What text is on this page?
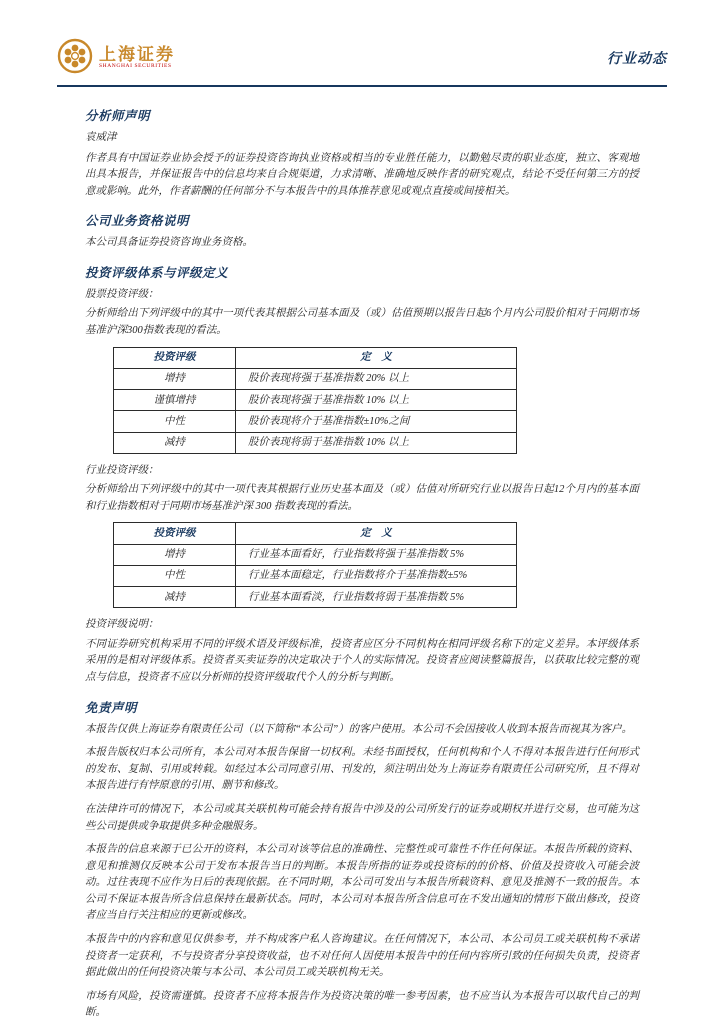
上海证券
SHANGHAI SECURITIES	行业动态
分析师声明

袁威津

作者具有中国证券业协会授予的证券投资咨询执业资格或相当的专业胜任能力，以勤勉尽责的职业态度，独立、客观地出具本报告，并保证报告中的信息均来自合规渠道，力求清晰、准确地反映作者的研究观点，结论不受任何第三方的授意或影响。此外，作者薪酬的任何部分不与本报告中的具体推荐意见或观点直接或间接相关。

公司业务资格说明

本公司具备证券投资咨询业务资格。

投资评级体系与评级定义

股票投资评级：

分析师给出下列评级中的其中一项代表其根据公司基本面及（或）估值预期以报告日起6个月内公司股价相对于同期市场基准沪深300指数表现的看法。

投资评级	定　义
增持	股价表现将强于基准指数 20% 以上
谨慎增持	股价表现将强于基准指数 10% 以上
中性	股价表现将介于基准指数±10%之间
减持	股价表现将弱于基准指数 10% 以上

行业投资评级：

分析师给出下列评级中的其中一项代表其根据行业历史基本面及（或）估值对所研究行业以报告日起12个月内的基本面和行业指数相对于同期市场基准沪深 300 指数表现的看法。

投资评级	定　义
增持	行业基本面看好，行业指数将强于基准指数 5%
中性	行业基本面稳定，行业指数将介于基准指数±5%
减持	行业基本面看淡，行业指数将弱于基准指数 5%

投资评级说明：

不同证券研究机构采用不同的评级术语及评级标准，投资者应区分不同机构在相同评级名称下的定义差异。本评级体系采用的是相对评级体系。投资者买卖证券的决定取决于个人的实际情况。投资者应阅读整篇报告，以获取比较完整的观点与信息，投资者不应以分析师的投资评级取代个人的分析与判断。

免责声明

本报告仅供上海证券有限责任公司（以下简称“本公司”）的客户使用。本公司不会因接收人收到本报告而视其为客户。

本报告版权归本公司所有，本公司对本报告保留一切权利。未经书面授权，任何机构和个人不得对本报告进行任何形式的发布、复制、引用或转载。如经过本公司同意引用、刊发的，须注明出处为上海证券有限责任公司研究所，且不得对本报告进行有悖原意的引用、删节和修改。

在法律许可的情况下，本公司或其关联机构可能会持有报告中涉及的公司所发行的证券或期权并进行交易，也可能为这些公司提供或争取提供多种金融服务。

本报告的信息来源于已公开的资料，本公司对该等信息的准确性、完整性或可靠性不作任何保证。本报告所载的资料、意见和推测仅反映本公司于发布本报告当日的判断。本报告所指的证券或投资标的的价格、价值及投资收入可能会波动。过往表现不应作为日后的表现依据。在不同时期，本公司可发出与本报告所载资料、意见及推测不一致的报告。本公司不保证本报告所含信息保持在最新状态。同时，本公司对本报告所含信息可在不发出通知的情形下做出修改，投资者应当自行关注相应的更新或修改。

本报告中的内容和意见仅供参考，并不构成客户私人咨询建议。在任何情况下，本公司、本公司员工或关联机构不承诺投资者一定获利，不与投资者分享投资收益，也不对任何人因使用本报告中的任何内容所引致的任何损失负责，投资者据此做出的任何投资决策与本公司、本公司员工或关联机构无关。

市场有风险，投资需谨慎。投资者不应将本报告作为投资决策的唯一参考因素，也不应当认为本报告可以取代自己的判断。
